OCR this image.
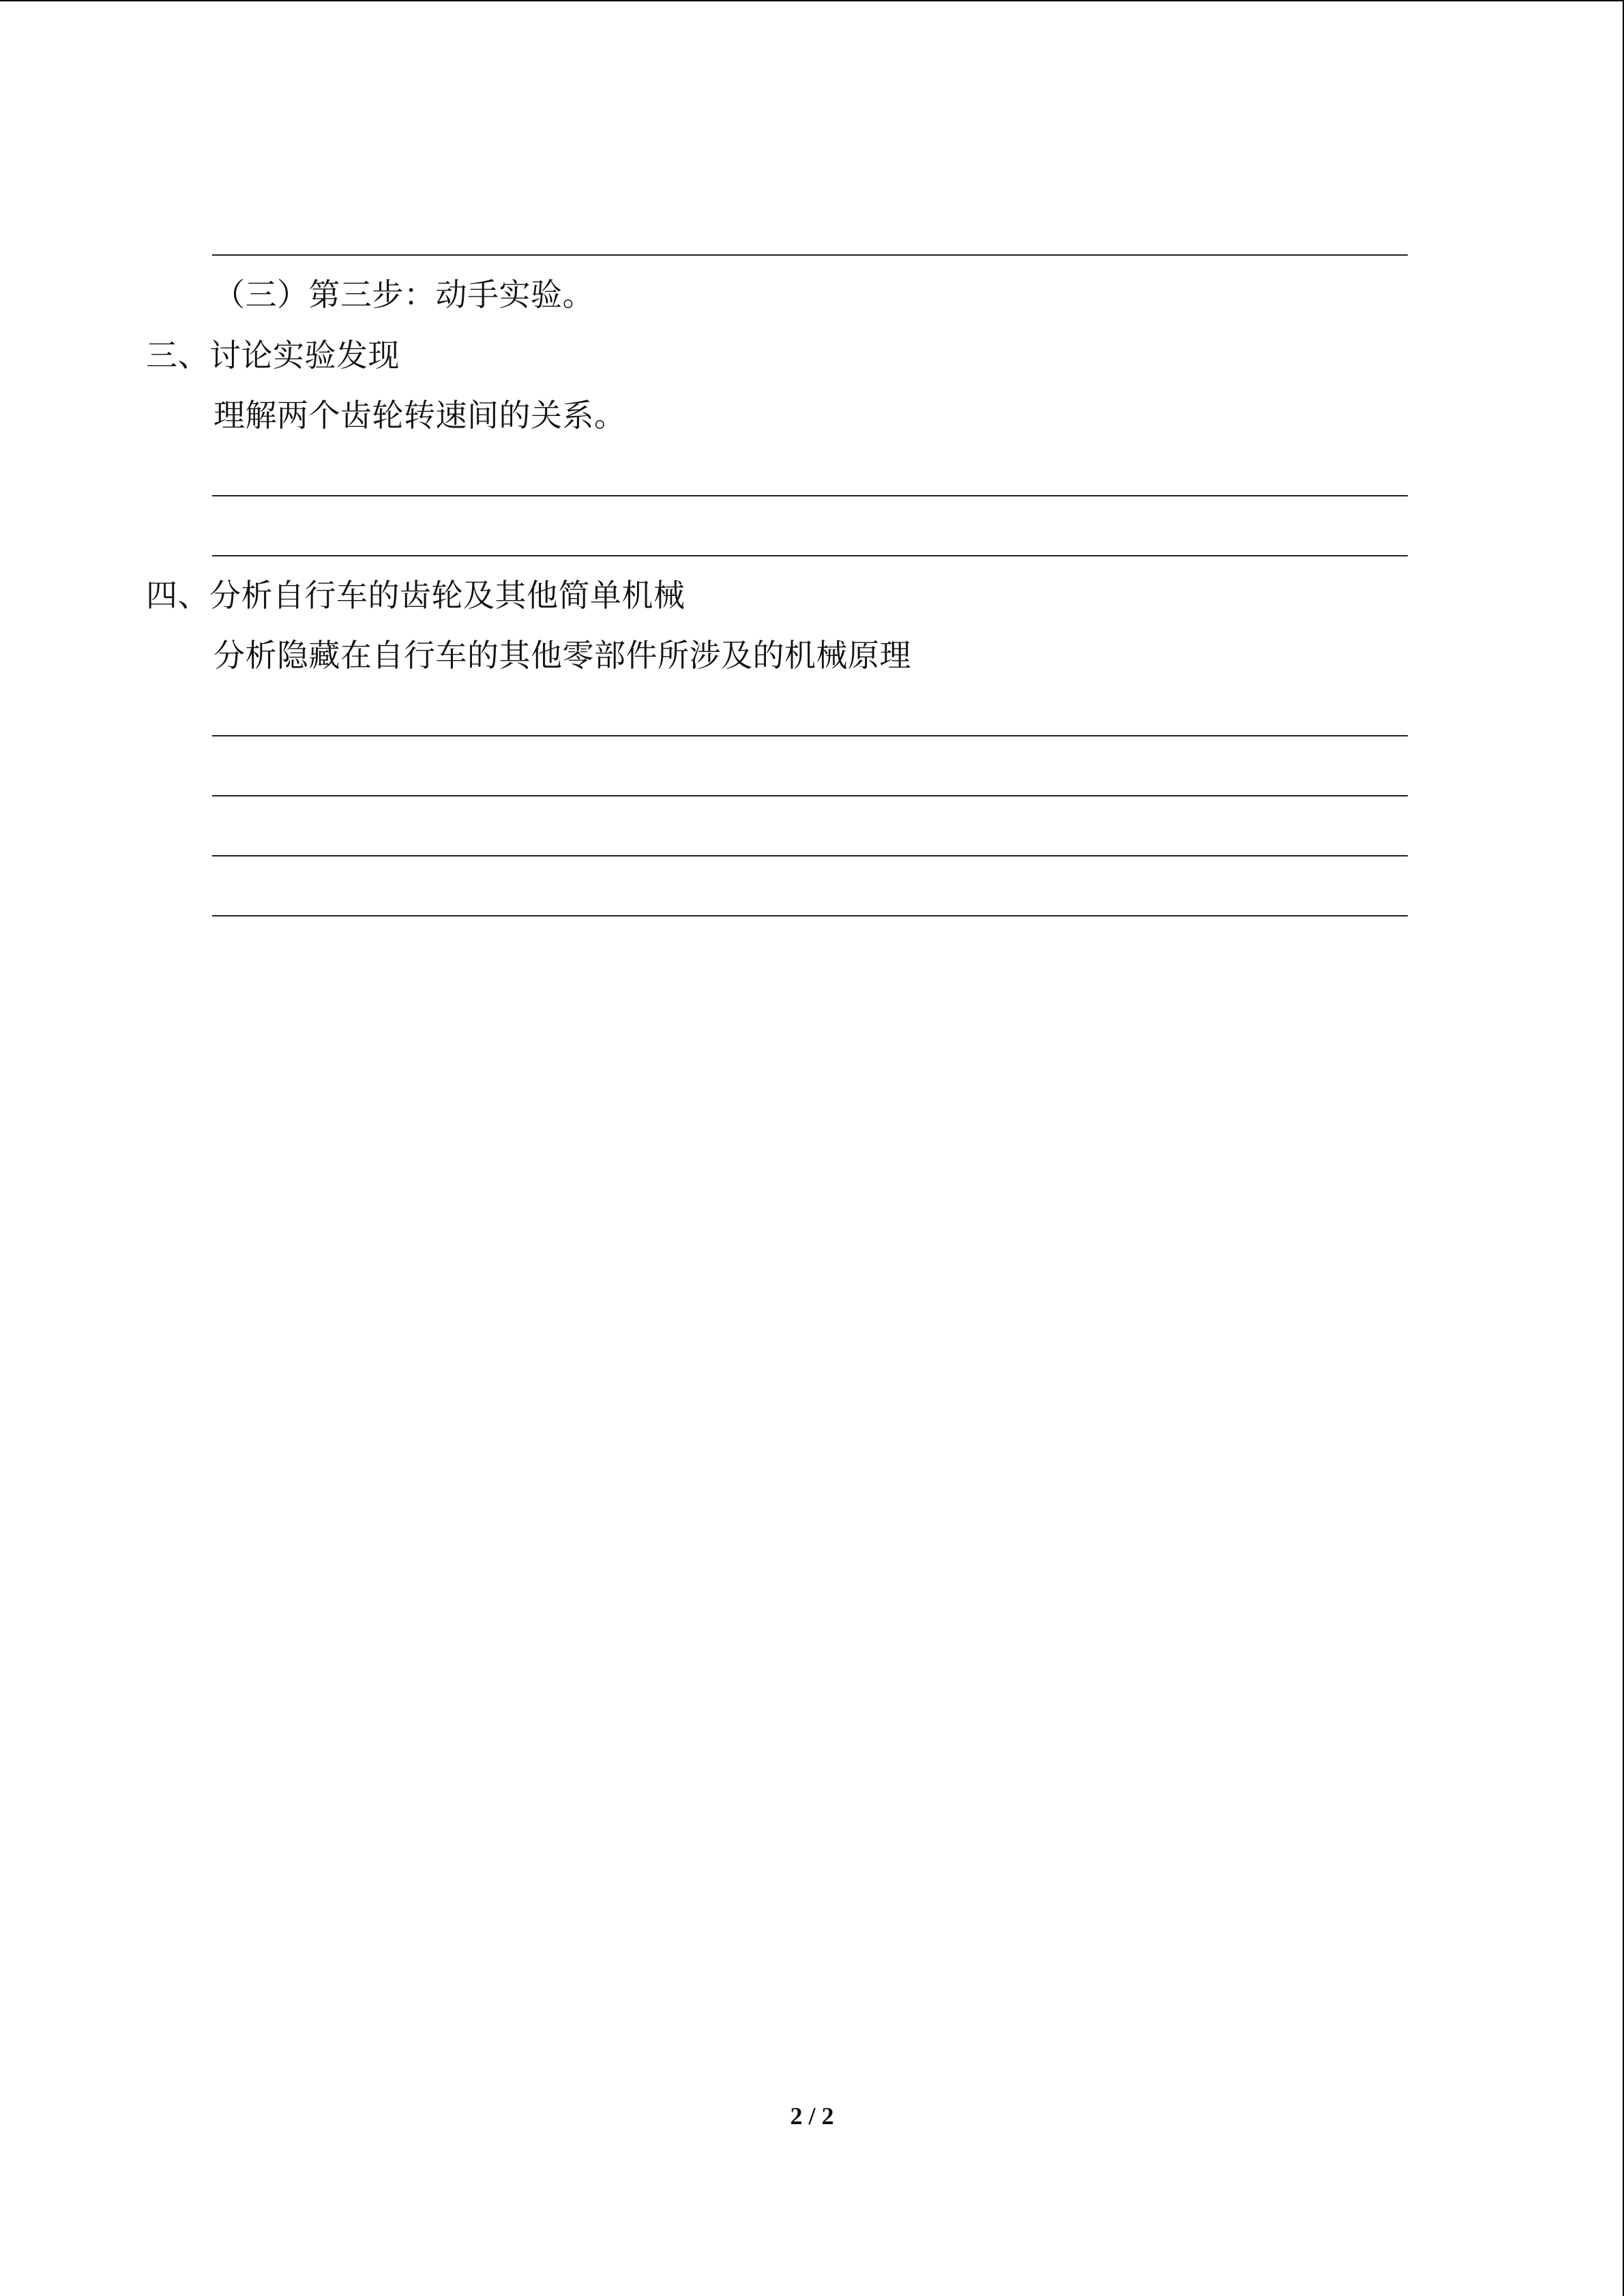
（三）第三步：动手实验。
三、讨论实验发现
理解两个齿轮转速间的关系。
四、分析自行车的齿轮及其他简单机械
分析隐藏在自行车的其他零部件所涉及的机械原理
2 / 2
